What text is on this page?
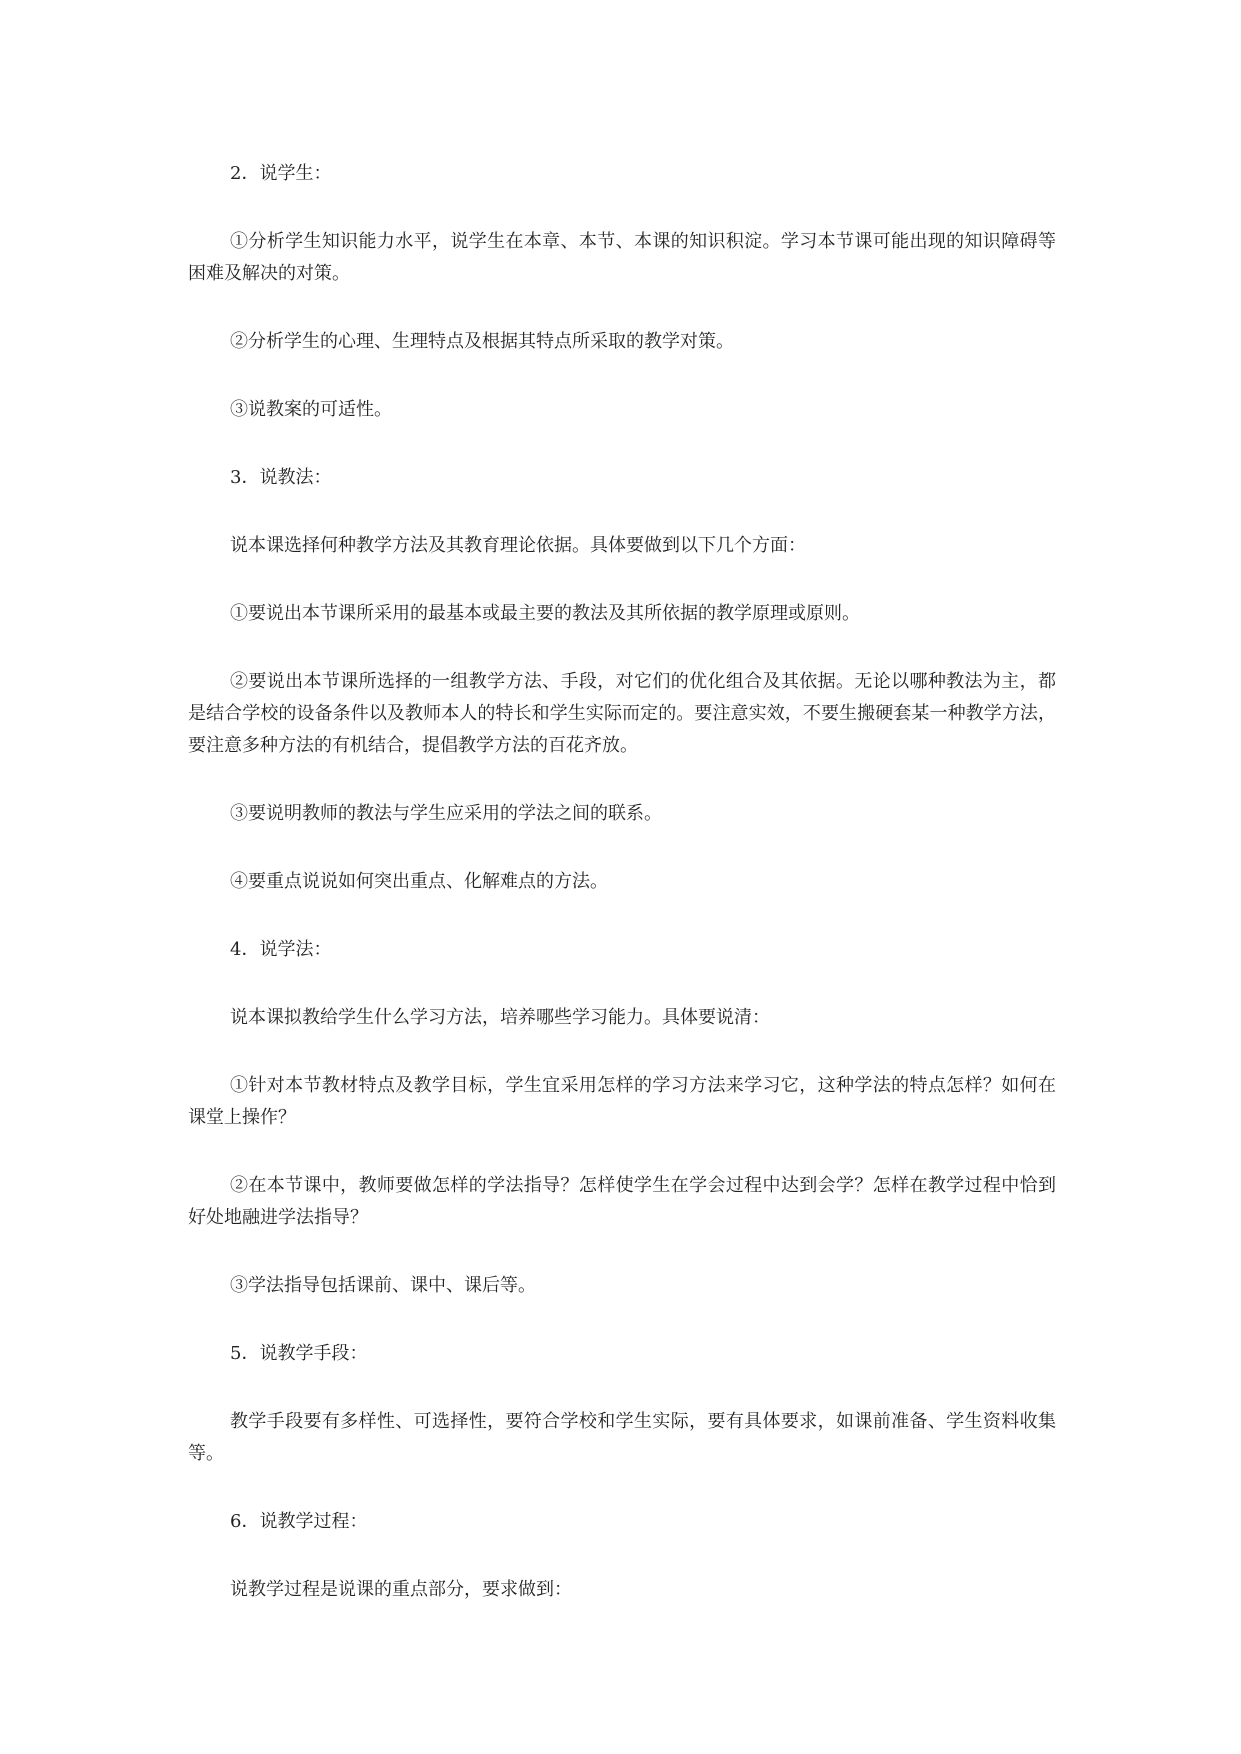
2．说学生：

①分析学生知识能力水平，说学生在本章、本节、本课的知识积淀。学习本节课可能出现的知识障碍等困难及解决的对策。

②分析学生的心理、生理特点及根据其特点所采取的教学对策。

③说教案的可适性。

3．说教法：

说本课选择何种教学方法及其教育理论依据。具体要做到以下几个方面：

①要说出本节课所采用的最基本或最主要的教法及其所依据的教学原理或原则。

②要说出本节课所选择的一组教学方法、手段，对它们的优化组合及其依据。无论以哪种教法为主，都是结合学校的设备条件以及教师本人的特长和学生实际而定的。要注意实效，不要生搬硬套某一种教学方法，要注意多种方法的有机结合，提倡教学方法的百花齐放。

③要说明教师的教法与学生应采用的学法之间的联系。

④要重点说说如何突出重点、化解难点的方法。

4．说学法：

说本课拟教给学生什么学习方法，培养哪些学习能力。具体要说清：

①针对本节教材特点及教学目标，学生宜采用怎样的学习方法来学习它，这种学法的特点怎样？如何在课堂上操作？

②在本节课中，教师要做怎样的学法指导？怎样使学生在学会过程中达到会学？怎样在教学过程中恰到好处地融进学法指导？

③学法指导包括课前、课中、课后等。

5．说教学手段：

教学手段要有多样性、可选择性，要符合学校和学生实际，要有具体要求，如课前准备、学生资料收集等。

6．说教学过程：

说教学过程是说课的重点部分，要求做到：
